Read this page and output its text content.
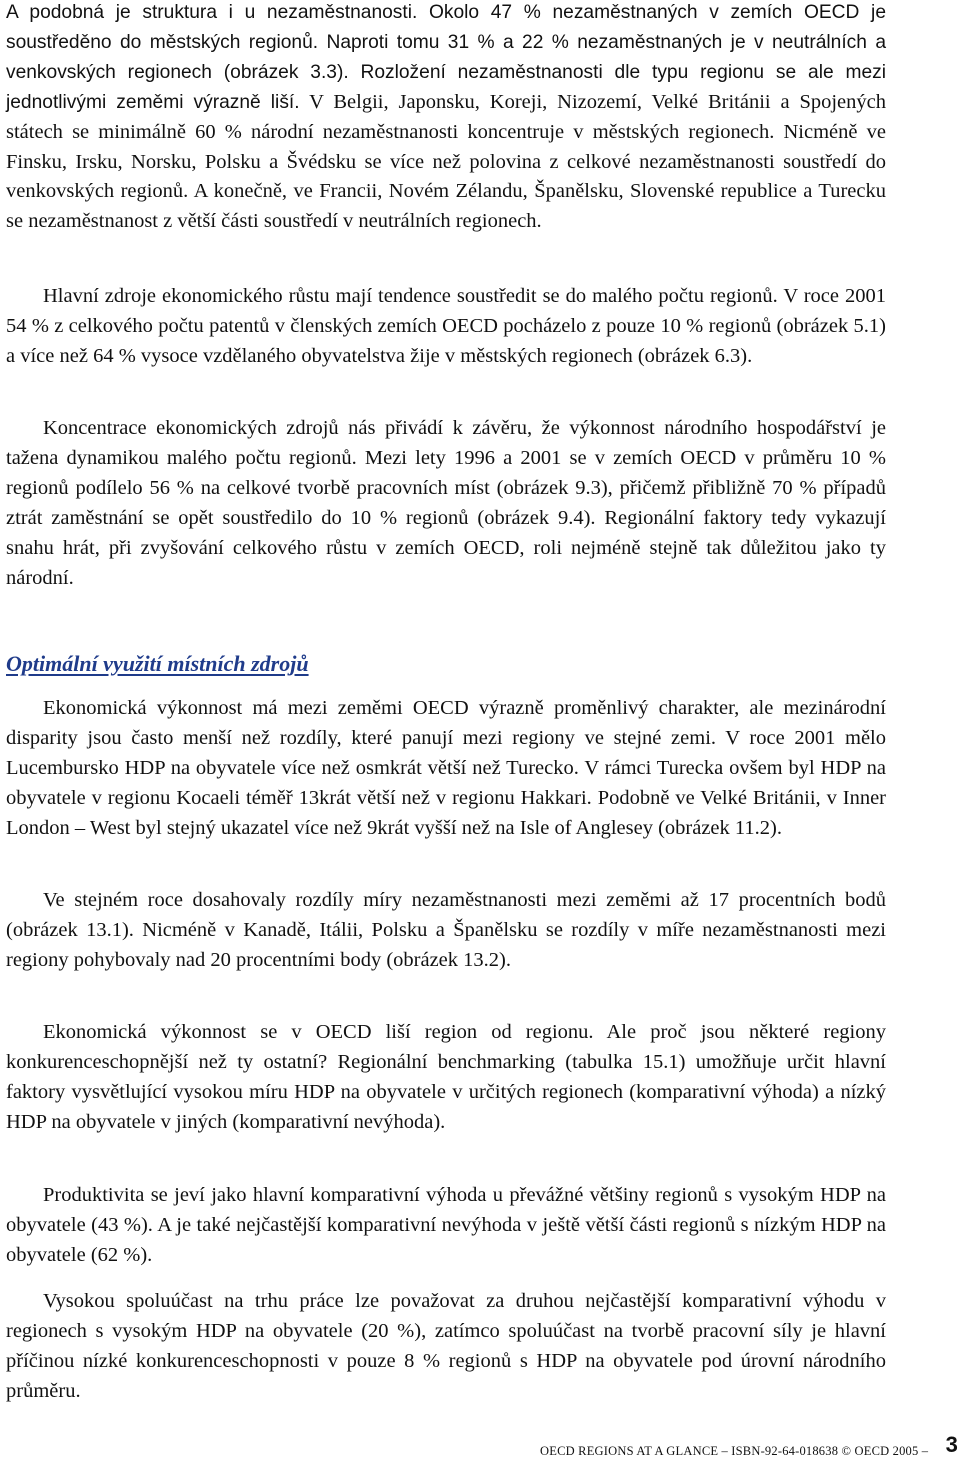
A podobná je struktura i u nezaměstnanosti. Okolo 47 % nezaměstnaných v zemích OECD je soustředěno do městských regionů. Naproti tomu 31 % a 22 % nezaměstnaných je v neutrálních a venkovských regionech (obrázek 3.3). Rozložení nezaměstnanosti dle typu regionu se ale mezi jednotlivými zeměmi výrazně liší. V Belgii, Japonsku, Koreji, Nizozemí, Velké Británii a Spojených státech se minimálně 60 % národní nezaměstnanosti koncentruje v městských regionech. Nicméně ve Finsku, Irsku, Norsku, Polsku a Švédsku se více než polovina z celkové nezaměstnanosti soustředí do venkovských regionů. A konečně, ve Francii, Novém Zélandu, Španělsku, Slovenské republice a Turecku se nezaměstnanost z větší části soustředí v neutrálních regionech.

Hlavní zdroje ekonomického růstu mají tendence soustředit se do malého počtu regionů. V roce 2001 54 % z celkového počtu patentů v členských zemích OECD pocházelo z pouze 10 % regionů (obrázek 5.1) a více než 64 % vysoce vzdělaného obyvatelstva žije v městských regionech (obrázek 6.3).

Koncentrace ekonomických zdrojů nás přivádí k závěru, že výkonnost národního hospodářství je tažena dynamikou malého počtu regionů. Mezi lety 1996 a 2001 se v zemích OECD v průměru 10 % regionů podílelo 56 % na celkové tvorbě pracovních míst (obrázek 9.3), přičemž přibližně 70 % případů ztrát zaměstnání se opět soustředilo do 10 % regionů (obrázek 9.4). Regionální faktory tedy vykazují snahu hrát, při zvyšování celkového růstu v zemích OECD, roli nejméně stejně tak důležitou jako ty národní.

Optimální využití místních zdrojů

Ekonomická výkonnost má mezi zeměmi OECD výrazně proměnlivý charakter, ale mezinárodní disparity jsou často menší než rozdíly, které panují mezi regiony ve stejné zemi. V roce 2001 mělo Lucembursko HDP na obyvatele více než osmkrát větší než Turecko. V rámci Turecka ovšem byl HDP na obyvatele v regionu Kocaeli téměř 13krát větší než v regionu Hakkari. Podobně ve Velké Británii, v Inner London – West byl stejný ukazatel více než 9krát vyšší než na Isle of Anglesey (obrázek 11.2).

Ve stejném roce dosahovaly rozdíly míry nezaměstnanosti mezi zeměmi až 17 procentních bodů (obrázek 13.1). Nicméně v Kanadě, Itálii, Polsku a Španělsku se rozdíly v míře nezaměstnanosti mezi regiony pohybovaly nad 20 procentními body (obrázek 13.2).

Ekonomická výkonnost se v OECD liší region od regionu. Ale proč jsou některé regiony konkurenceschopnější než ty ostatní? Regionální benchmarking (tabulka 15.1) umožňuje určit hlavní faktory vysvětlující vysokou míru HDP na obyvatele v určitých regionech (komparativní výhoda) a nízký HDP na obyvatele v jiných (komparativní nevýhoda).

Produktivita se jeví jako hlavní komparativní výhoda u převážné většiny regionů s vysokým HDP na obyvatele (43 %). A je také nejčastější komparativní nevýhoda v ještě větší části regionů s nízkým HDP na obyvatele (62 %).

Vysokou spoluúčast na trhu práce lze považovat za druhou nejčastější komparativní výhodu v regionech s vysokým HDP na obyvatele (20 %), zatímco spoluúčast na tvorbě pracovní síly je hlavní příčinou nízké konkurenceschopnosti v pouze 8 % regionů s HDP na obyvatele pod úrovní národního průměru.

OECD REGIONS AT A GLANCE – ISBN-92-64-018638 © OECD 2005 – 3
